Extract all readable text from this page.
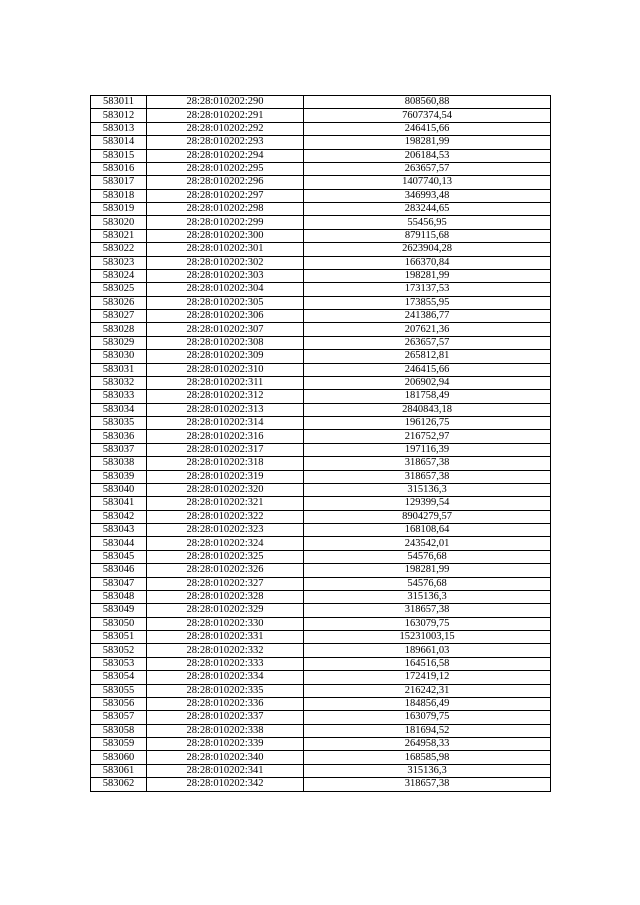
583011	28:28:010202:290	808560,88
583012	28:28:010202:291	7607374,54
583013	28:28:010202:292	246415,66
583014	28:28:010202:293	198281,99
583015	28:28:010202:294	206184,53
583016	28:28:010202:295	263657,57
583017	28:28:010202:296	1407740,13
583018	28:28:010202:297	346993,48
583019	28:28:010202:298	283244,65
583020	28:28:010202:299	55456,95
583021	28:28:010202:300	879115,68
583022	28:28:010202:301	2623904,28
583023	28:28:010202:302	166370,84
583024	28:28:010202:303	198281,99
583025	28:28:010202:304	173137,53
583026	28:28:010202:305	173855,95
583027	28:28:010202:306	241386,77
583028	28:28:010202:307	207621,36
583029	28:28:010202:308	263657,57
583030	28:28:010202:309	265812,81
583031	28:28:010202:310	246415,66
583032	28:28:010202:311	206902,94
583033	28:28:010202:312	181758,49
583034	28:28:010202:313	2840843,18
583035	28:28:010202:314	196126,75
583036	28:28:010202:316	216752,97
583037	28:28:010202:317	197116,39
583038	28:28:010202:318	318657,38
583039	28:28:010202:319	318657,38
583040	28:28:010202:320	315136,3
583041	28:28:010202:321	129399,54
583042	28:28:010202:322	8904279,57
583043	28:28:010202:323	168108,64
583044	28:28:010202:324	243542,01
583045	28:28:010202:325	54576,68
583046	28:28:010202:326	198281,99
583047	28:28:010202:327	54576,68
583048	28:28:010202:328	315136,3
583049	28:28:010202:329	318657,38
583050	28:28:010202:330	163079,75
583051	28:28:010202:331	15231003,15
583052	28:28:010202:332	189661,03
583053	28:28:010202:333	164516,58
583054	28:28:010202:334	172419,12
583055	28:28:010202:335	216242,31
583056	28:28:010202:336	184856,49
583057	28:28:010202:337	163079,75
583058	28:28:010202:338	181694,52
583059	28:28:010202:339	264958,33
583060	28:28:010202:340	168585,98
583061	28:28:010202:341	315136,3
583062	28:28:010202:342	318657,38
